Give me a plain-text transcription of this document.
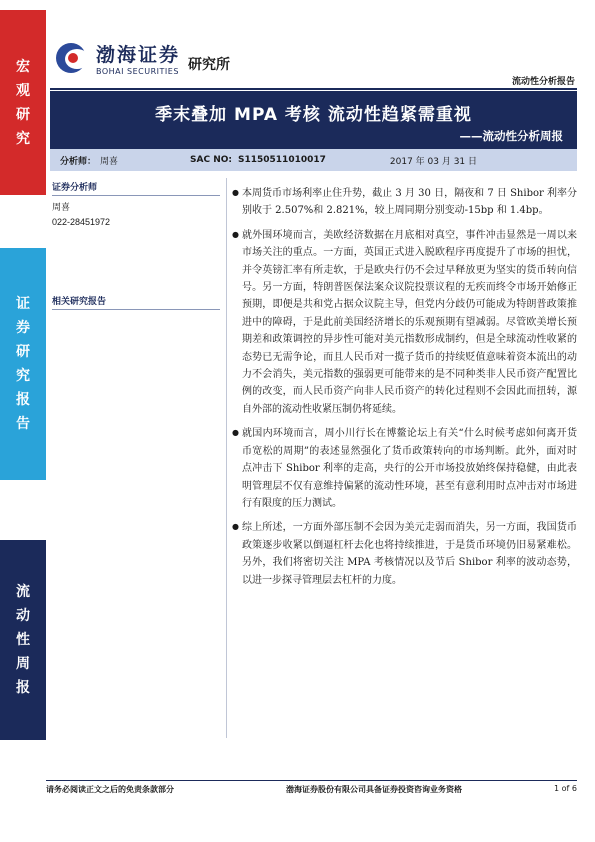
宏
观
研
究
证
券
研
究
报
告
流
动
性
周
报
渤海证券
BOHAI SECURITIES 研究所
流动性分析报告
季末叠加 MPA 考核 流动性趋紧需重视
——流动性分析周报
分析师： 周喜	SAC NO: S1150511010017	2017 年 03 月 31 日
证券分析师
周喜
022-28451972
相关研究报告
● 本周货币市场利率止住升势，截止 3 月 30 日，隔夜和 7 日 Shibor 利率分别收于 2.507%和 2.821%，较上周同期分别变动-15bp 和 1.4bp。
● 就外围环境而言，美欧经济数据在月底相对真空，事件冲击显然是一周以来市场关注的重点。一方面，英国正式进入脱欧程序再度提升了市场的担忧，并令英镑汇率有所走软，于是欧央行仍不会过早释放更为坚实的货币转向信号。另一方面，特朗普医保法案众议院投票议程的无疾而终令市场开始修正预期，即便是共和党占据众议院主导，但党内分歧仍可能成为特朗普政策推进中的障碍，于是此前美国经济增长的乐观预期有望减弱。尽管欧美增长预期差和政策调控的异步性可能对美元指数形成制约，但是全球流动性收紧的态势已无需争论，而且人民币对一揽子货币的持续贬值意味着资本流出的动力不会消失，美元指数的强弱更可能带来的是不同种类非人民币资产配置比例的改变，而人民币资产向非人民币资产的转化过程则不会因此而扭转，源自外部的流动性收紧压制仍将延续。
● 就国内环境而言，周小川行长在博鳌论坛上有关“什么时候考虑如何离开货币宽松的周期”的表述显然强化了货币政策转向的市场判断。此外，面对时点冲击下 Shibor 利率的走高，央行的公开市场投放始终保持稳健，由此表明管理层不仅有意维持偏紧的流动性环境，甚至有意利用时点冲击对市场进行有限度的压力测试。
● 综上所述，一方面外部压制不会因为美元走弱而消失，另一方面，我国货币政策逐步收紧以倒逼杠杆去化也将持续推进，于是货币环境仍旧易紧难松。另外，我们将密切关注 MPA 考核情况以及节后 Shibor 利率的波动态势，以进一步探寻管理层去杠杆的力度。
请务必阅读正文之后的免责条款部分	渤海证券股份有限公司具备证券投资咨询业务资格	1 of 6
